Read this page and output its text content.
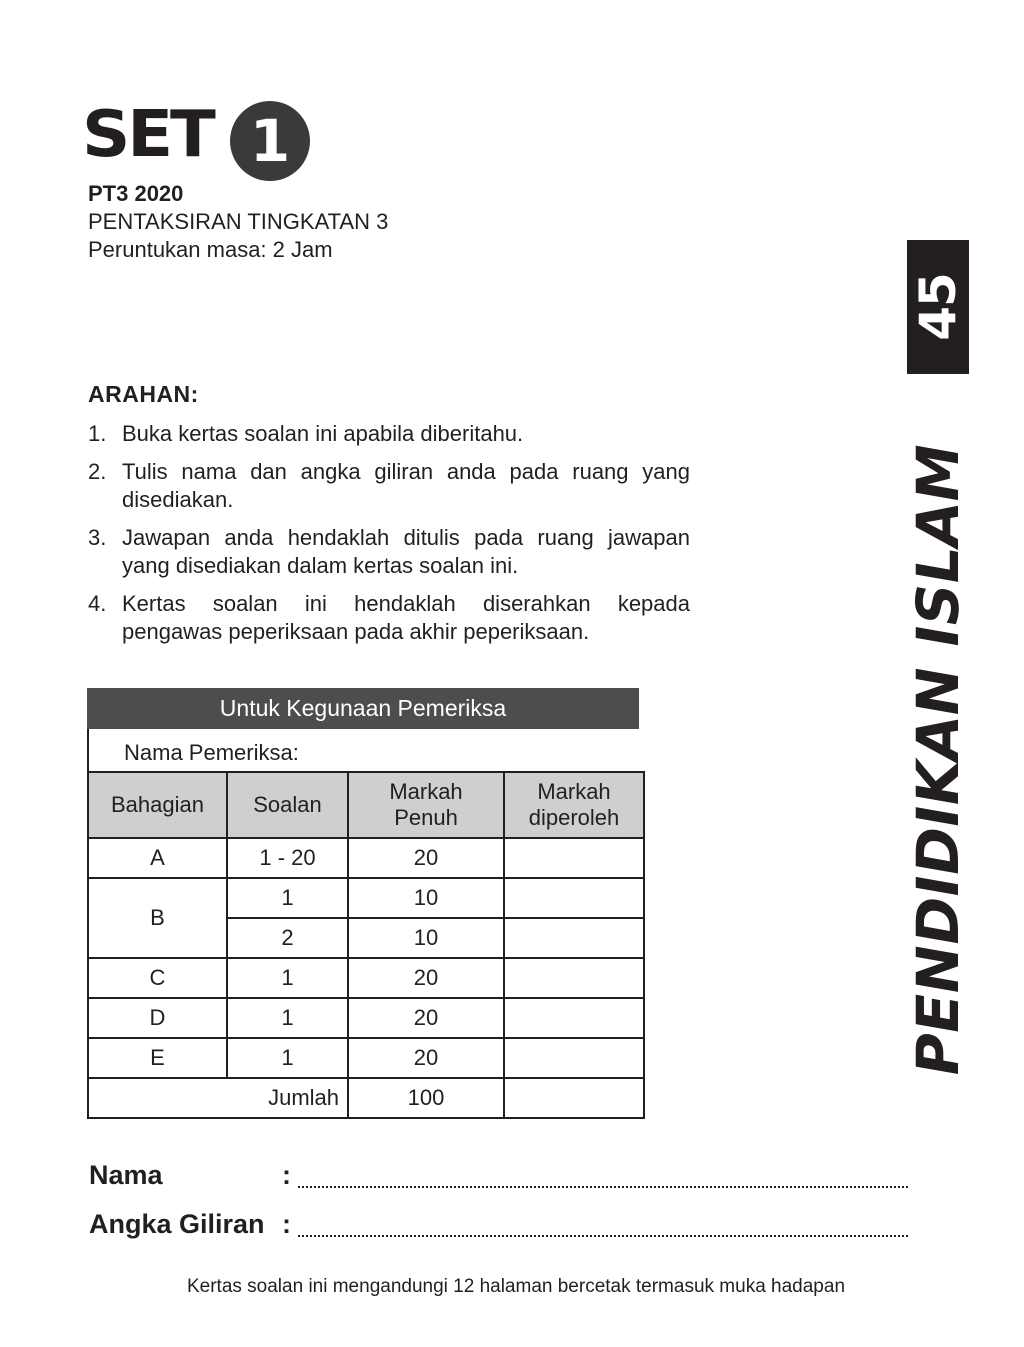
SET 1
PT3 2020
PENTAKSIRAN TINGKATAN 3
Peruntukan masa: 2 Jam
45
PENDIDIKAN ISLAM
ARAHAN:
1. Buka kertas soalan ini apabila diberitahu.
2. Tulis nama dan angka giliran anda pada ruang yang disediakan.
3. Jawapan anda hendaklah ditulis pada ruang jawapan yang disediakan dalam kertas soalan ini.
4. Kertas soalan ini hendaklah diserahkan kepada pengawas peperiksaan pada akhir peperiksaan.
Untuk Kegunaan Pemeriksa
Nama Pemeriksa:
Bahagian	Soalan	Markah Penuh	Markah diperoleh
A	1 - 20	20	
B	1	10	
	2	10	
C	1	20	
D	1	20	
E	1	20	
Jumlah		100	
Nama	:
Angka Giliran :
Kertas soalan ini mengandungi 12 halaman bercetak termasuk muka hadapan
